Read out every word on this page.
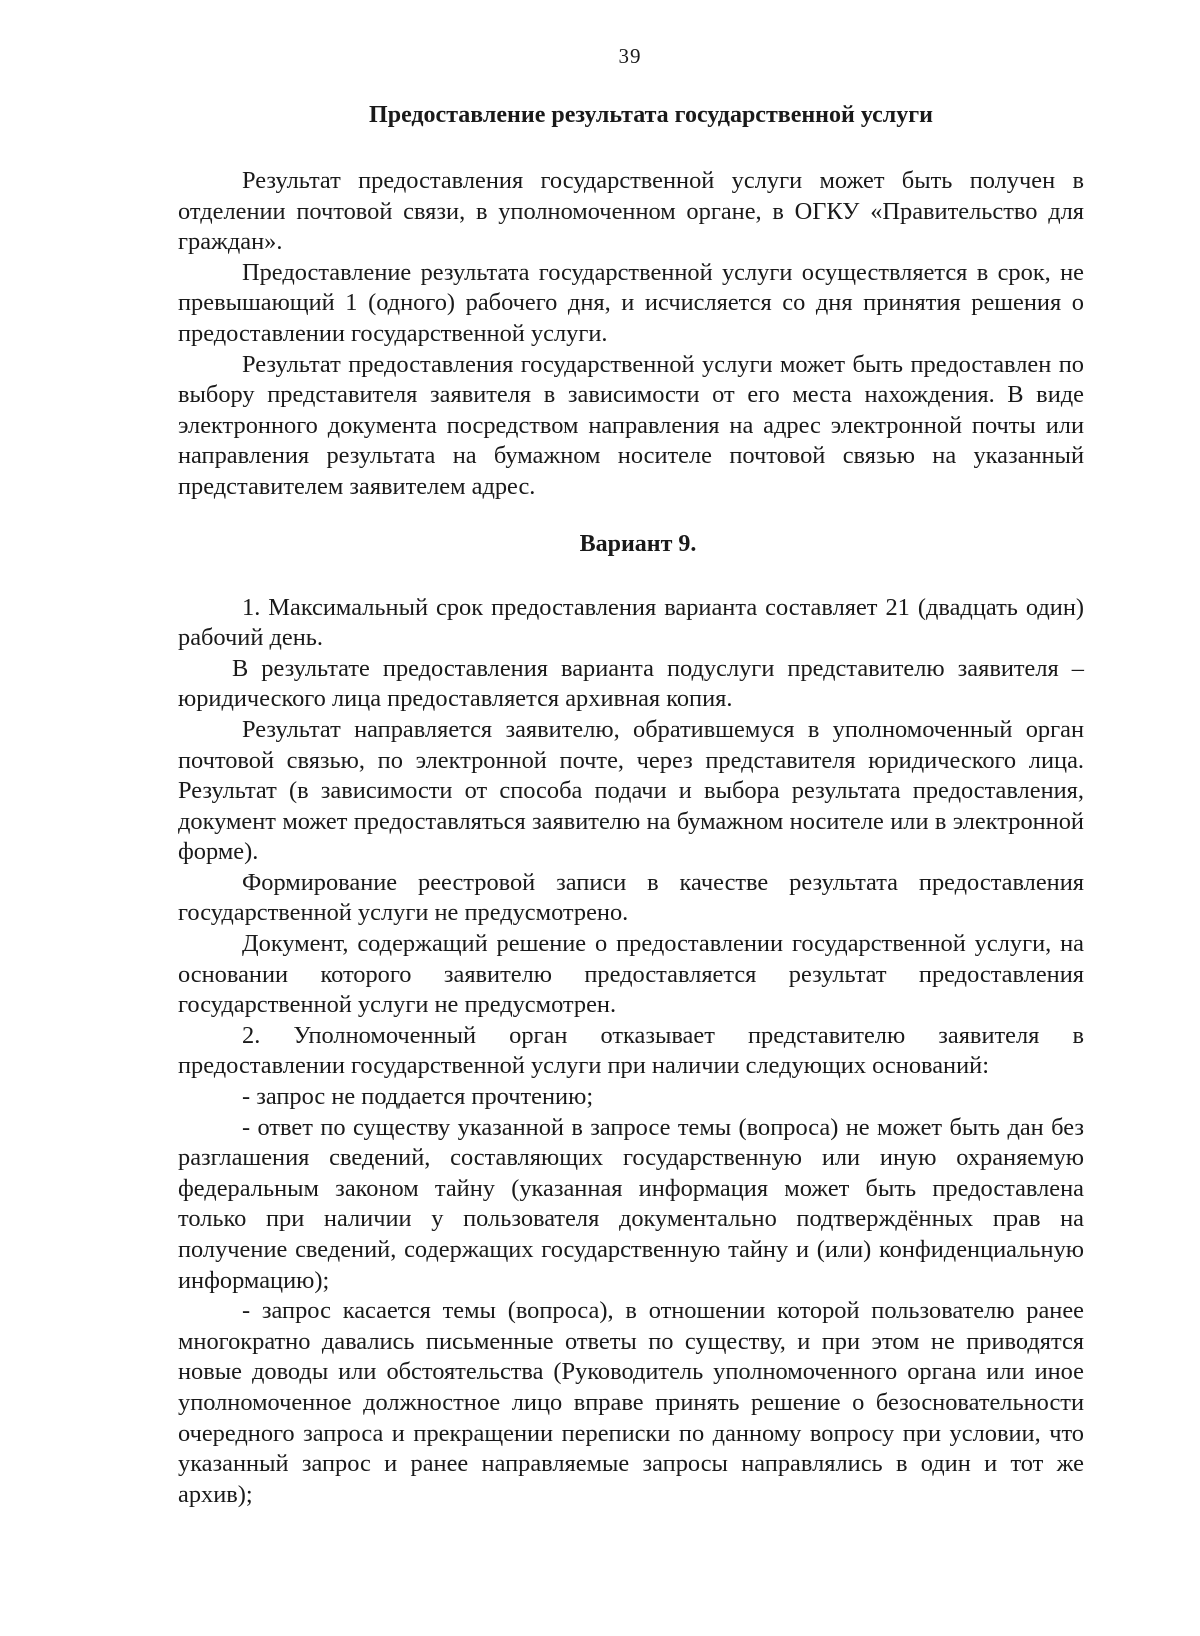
39
Предоставление результата государственной услуги

Результат предоставления государственной услуги может быть получен в отделении почтовой связи, в уполномоченном органе, в ОГКУ «Правительство для граждан».

Предоставление результата государственной услуги осуществляется в срок, не превышающий 1 (одного) рабочего дня, и исчисляется со дня принятия решения о предоставлении государственной услуги.

Результат предоставления государственной услуги может быть предоставлен по выбору представителя заявителя в зависимости от его места нахождения. В виде электронного документа посредством направления на адрес электронной почты или направления результата на бумажном носителе почтовой связью на указанный представителем заявителем адрес.

Вариант 9.

1. Максимальный срок предоставления варианта составляет 21 (двадцать один) рабочий день.

В результате предоставления варианта подуслуги представителю заявителя – юридического лица предоставляется архивная копия.

Результат направляется заявителю, обратившемуся в уполномоченный орган почтовой связью, по электронной почте, через представителя юридического лица. Результат (в зависимости от способа подачи и выбора результата предоставления, документ может предоставляться заявителю на бумажном носителе или в электронной форме).

Формирование реестровой записи в качестве результата предоставления государственной услуги не предусмотрено.

Документ, содержащий решение о предоставлении государственной услуги, на основании которого заявителю предоставляется результат предоставления государственной услуги не предусмотрен.

2. Уполномоченный орган отказывает представителю заявителя в предоставлении государственной услуги при наличии следующих оснований:

- запрос не поддается прочтению;

- ответ по существу указанной в запросе темы (вопроса) не может быть дан без разглашения сведений, составляющих государственную или иную охраняемую федеральным законом тайну (указанная информация может быть предоставлена только при наличии у пользователя документально подтверждённых прав на получение сведений, содержащих государственную тайну и (или) конфиденциальную информацию);

- запрос касается темы (вопроса), в отношении которой пользователю ранее многократно давались письменные ответы по существу, и при этом не приводятся новые доводы или обстоятельства (Руководитель уполномоченного органа или иное уполномоченное должностное лицо вправе принять решение о безосновательности очередного запроса и прекращении переписки по данному вопросу при условии, что указанный запрос и ранее направляемые запросы направлялись в один и тот же архив);
